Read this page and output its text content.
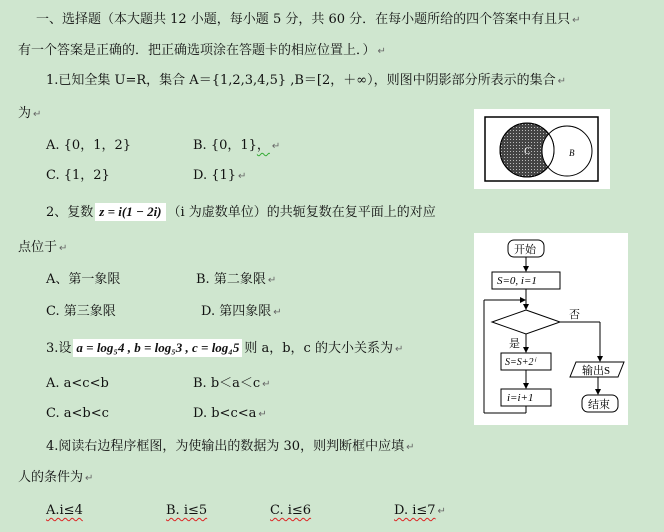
一、选择题（本大题共 12 小题，每小题 5 分，共 60 分．在每小题所给的四个答案中有且只 ↵
有一个答案是正确的．把正确选项涂在答题卡的相应位置上．） ↵
1.已知全集 U=R，集合 A＝{1,2,3,4,5} ,B＝[2，＋∞），则图中阴影部分所表示的集合 ↵
为 ↵
A. {0，1，2}	B. {0，1}， ↵
C. {1，2}	D. {1} ↵
C	B
2、复数 z = i(1 − 2i) （i 为虚数单位）的共轭复数在复平面上的对应
点位于 ↵
A、第一象限	B. 第二象限 ↵
C. 第三象限	D. 第四象限 ↵
3.设 a = log₅4 , b = log₅3 , c = log₄5 则 a，b，c 的大小关系为 ↵
A. a<c<b	B. b＜a＜c ↵
C. a<b<c	D. b<c<a ↵
4.阅读右边程序框图，为使输出的数据为 30，则判断框中应填 ↵
人的条件为 ↵
A.i≤4	B. i≤5	C. i≤6	D. i≤7 ↵
开始
S=0, i=1
否
是
S=S+2ⁱ
i=i+1
输出S
结束
